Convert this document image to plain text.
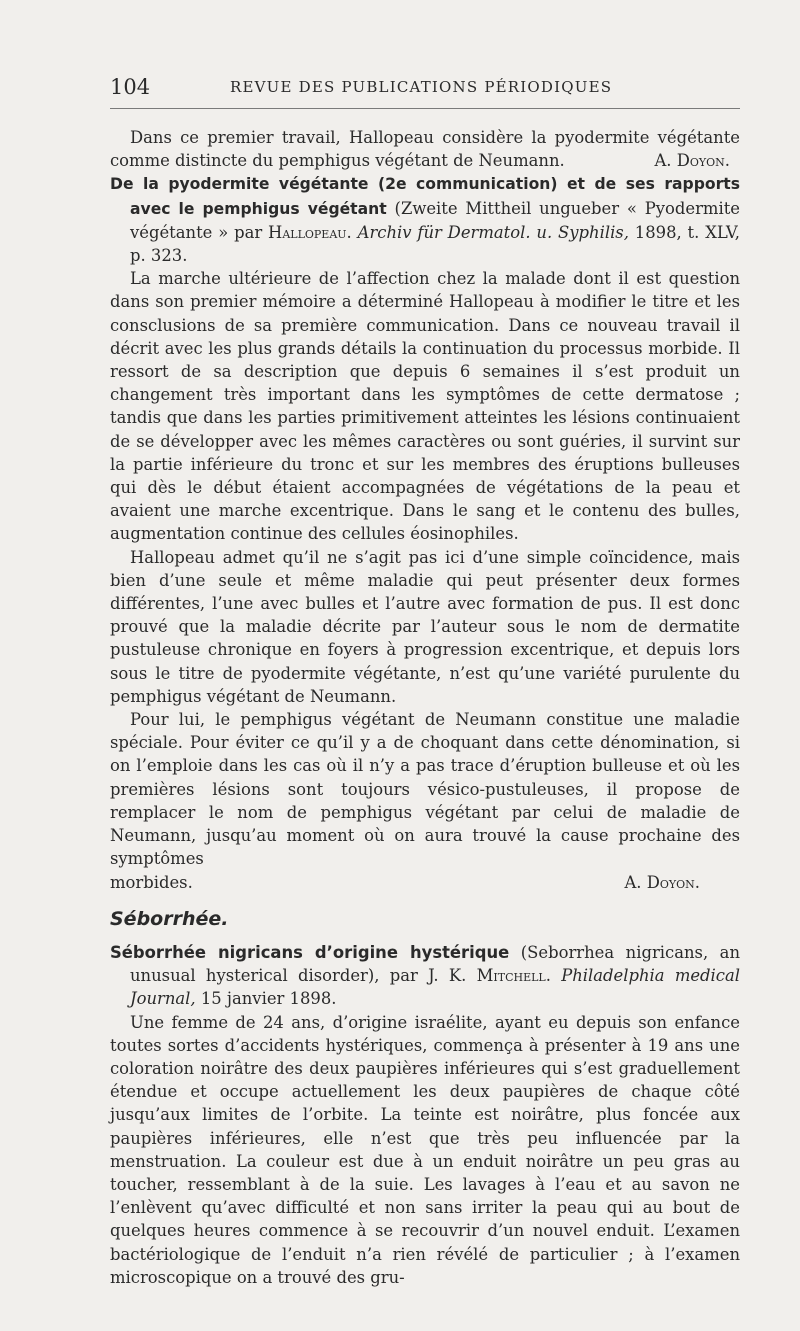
104	REVUE DES PUBLICATIONS PÉRIODIQUES

Dans ce premier travail, Hallopeau considère la pyodermite végétante comme distincte du pemphigus végétant de Neumann.	A. Doyon.

De la pyodermite végétante (2e communication) et de ses rapports avec le pemphigus végétant (Zweite Mittheil ungueber « Pyodermite végétante » par Hallopeau. Archiv für Dermatol. u. Syphilis, 1898, t. XLV, p. 323.

La marche ultérieure de l’affection chez la malade dont il est question dans son premier mémoire a déterminé Hallopeau à modifier le titre et les consclusions de sa première communication. Dans ce nouveau travail il décrit avec les plus grands détails la continuation du processus morbide. Il ressort de sa description que depuis 6 semaines il s’est produit un changement très important dans les symptômes de cette dermatose ; tandis que dans les parties primitivement atteintes les lésions continuaient de se développer avec les mêmes caractères ou sont guéries, il survint sur la partie inférieure du tronc et sur les membres des éruptions bulleuses qui dès le début étaient accompagnées de végétations de la peau et avaient une marche excentrique. Dans le sang et le contenu des bulles, augmentation continue des cellules éosinophiles.

Hallopeau admet qu’il ne s’agit pas ici d’une simple coïncidence, mais bien d’une seule et même maladie qui peut présenter deux formes différentes, l’une avec bulles et l’autre avec formation de pus. Il est donc prouvé que la maladie décrite par l’auteur sous le nom de dermatite pustuleuse chronique en foyers à progression excentrique, et depuis lors sous le titre de pyodermite végétante, n’est qu’une variété purulente du pemphigus végétant de Neumann.

Pour lui, le pemphigus végétant de Neumann constitue une maladie spéciale. Pour éviter ce qu’il y a de choquant dans cette dénomination, si on l’emploie dans les cas où il n’y a pas trace d’éruption bulleuse et où les premières lésions sont toujours vésico-pustuleuses, il propose de remplacer le nom de pemphigus végétant par celui de maladie de Neumann, jusqu’au moment où on aura trouvé la cause prochaine des symptômes

morbides.	A. Doyon.
Séborrhée.

Séborrhée nigricans d’origine hystérique (Seborrhea nigricans, an unusual hysterical disorder), par J. K. Mitchell. Philadelphia medical Journal, 15 janvier 1898.

Une femme de 24 ans, d’origine israélite, ayant eu depuis son enfance toutes sortes d’accidents hystériques, commença à présenter à 19 ans une coloration noirâtre des deux paupières inférieures qui s’est graduellement étendue et occupe actuellement les deux paupières de chaque côté jusqu’aux limites de l’orbite. La teinte est noirâtre, plus foncée aux paupières inférieures, elle n’est que très peu influencée par la menstruation. La couleur est due à un enduit noirâtre un peu gras au toucher, ressemblant à de la suie. Les lavages à l’eau et au savon ne l’enlèvent qu’avec difficulté et non sans irriter la peau qui au bout de quelques heures commence à se recouvrir d’un nouvel enduit. L’examen bactériologique de l’enduit n’a rien révélé de particulier ; à l’examen microscopique on a trouvé des gru-
